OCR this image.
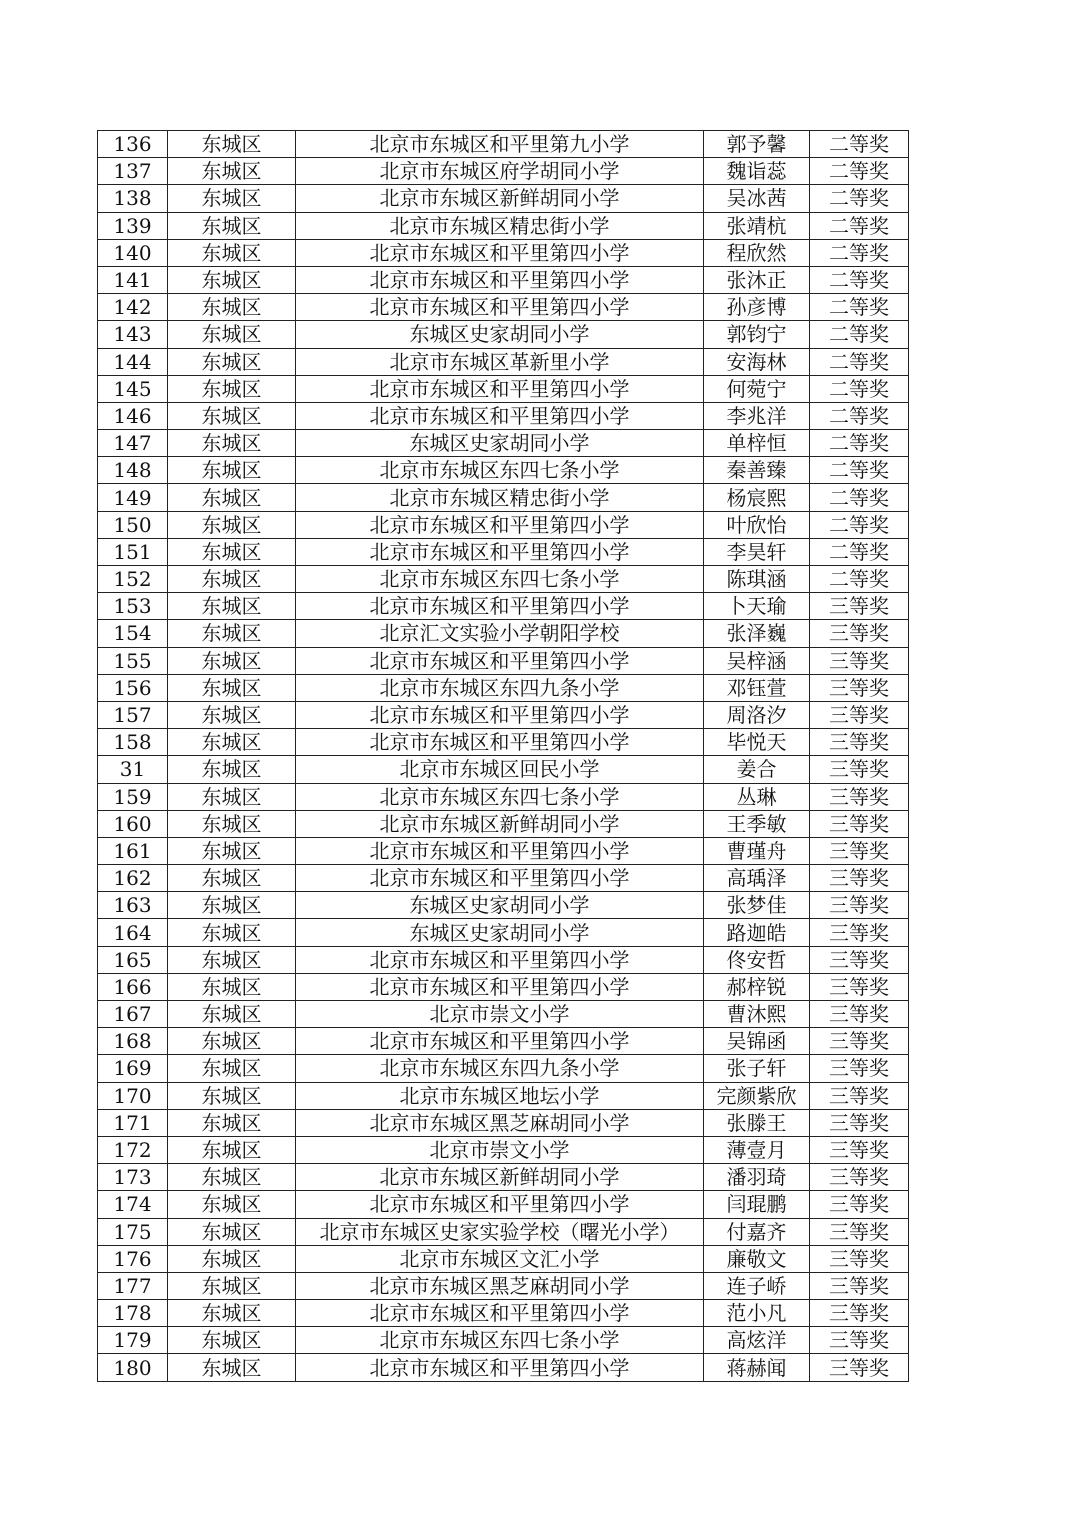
136	东城区	北京市东城区和平里第九小学	郭予馨	二等奖
137	东城区	北京市东城区府学胡同小学	魏诣蕊	二等奖
138	东城区	北京市东城区新鲜胡同小学	吴冰茜	二等奖
139	东城区	北京市东城区精忠街小学	张靖杭	二等奖
140	东城区	北京市东城区和平里第四小学	程欣然	二等奖
141	东城区	北京市东城区和平里第四小学	张沐正	二等奖
142	东城区	北京市东城区和平里第四小学	孙彦博	二等奖
143	东城区	东城区史家胡同小学	郭钧宁	二等奖
144	东城区	北京市东城区革新里小学	安海林	二等奖
145	东城区	北京市东城区和平里第四小学	何菀宁	二等奖
146	东城区	北京市东城区和平里第四小学	李兆洋	二等奖
147	东城区	东城区史家胡同小学	单梓恒	二等奖
148	东城区	北京市东城区东四七条小学	秦善臻	二等奖
149	东城区	北京市东城区精忠街小学	杨宸熙	二等奖
150	东城区	北京市东城区和平里第四小学	叶欣怡	二等奖
151	东城区	北京市东城区和平里第四小学	李昊轩	二等奖
152	东城区	北京市东城区东四七条小学	陈琪涵	二等奖
153	东城区	北京市东城区和平里第四小学	卜天瑜	三等奖
154	东城区	北京汇文实验小学朝阳学校	张泽巍	三等奖
155	东城区	北京市东城区和平里第四小学	吴梓涵	三等奖
156	东城区	北京市东城区东四九条小学	邓钰萱	三等奖
157	东城区	北京市东城区和平里第四小学	周洛汐	三等奖
158	东城区	北京市东城区和平里第四小学	毕悦天	三等奖
31	东城区	北京市东城区回民小学	姜合	三等奖
159	东城区	北京市东城区东四七条小学	丛琳	三等奖
160	东城区	北京市东城区新鲜胡同小学	王季敏	三等奖
161	东城区	北京市东城区和平里第四小学	曹瑾舟	三等奖
162	东城区	北京市东城区和平里第四小学	高瑀泽	三等奖
163	东城区	东城区史家胡同小学	张梦佳	三等奖
164	东城区	东城区史家胡同小学	路迦皓	三等奖
165	东城区	北京市东城区和平里第四小学	佟安哲	三等奖
166	东城区	北京市东城区和平里第四小学	郝梓锐	三等奖
167	东城区	北京市崇文小学	曹沐熙	三等奖
168	东城区	北京市东城区和平里第四小学	吴锦函	三等奖
169	东城区	北京市东城区东四九条小学	张子轩	三等奖
170	东城区	北京市东城区地坛小学	完颜紫欣	三等奖
171	东城区	北京市东城区黑芝麻胡同小学	张滕王	三等奖
172	东城区	北京市崇文小学	薄壹月	三等奖
173	东城区	北京市东城区新鲜胡同小学	潘羽琦	三等奖
174	东城区	北京市东城区和平里第四小学	闫琨鹏	三等奖
175	东城区	北京市东城区史家实验学校（曙光小学）	付嘉齐	三等奖
176	东城区	北京市东城区文汇小学	廉敬文	三等奖
177	东城区	北京市东城区黑芝麻胡同小学	连子峤	三等奖
178	东城区	北京市东城区和平里第四小学	范小凡	三等奖
179	东城区	北京市东城区东四七条小学	高炫洋	三等奖
180	东城区	北京市东城区和平里第四小学	蒋赫闻	三等奖
